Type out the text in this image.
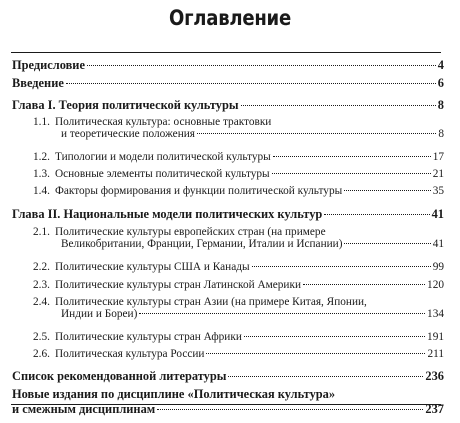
Оглавление
Предисловие	4
Введение	6
Глава I. Теория политической культуры	8
1.1. Политическая культура: основные трактовки
и теоретические положения	8
1.2. Типологии и модели политической культуры	17
1.3. Основные элементы политической культуры	21
1.4. Факторы формирования и функции политической культуры	35
Глава II. Национальные модели политических культур	41
2.1. Политические культуры европейских стран (на примере
Великобритании, Франции, Германии, Италии и Испании)	41
2.2. Политические культуры США и Канады	99
2.3. Политические культуры стран Латинской Америки	120
2.4. Политические культуры стран Азии (на примере Китая, Японии,
Индии и Бореи)	134
2.5. Политические культуры стран Африки	191
2.6. Политическая культура России	211
Список рекомендованной литературы	236
Новые издания по дисциплине «Политическая культура»
и смежным дисциплинам	237
